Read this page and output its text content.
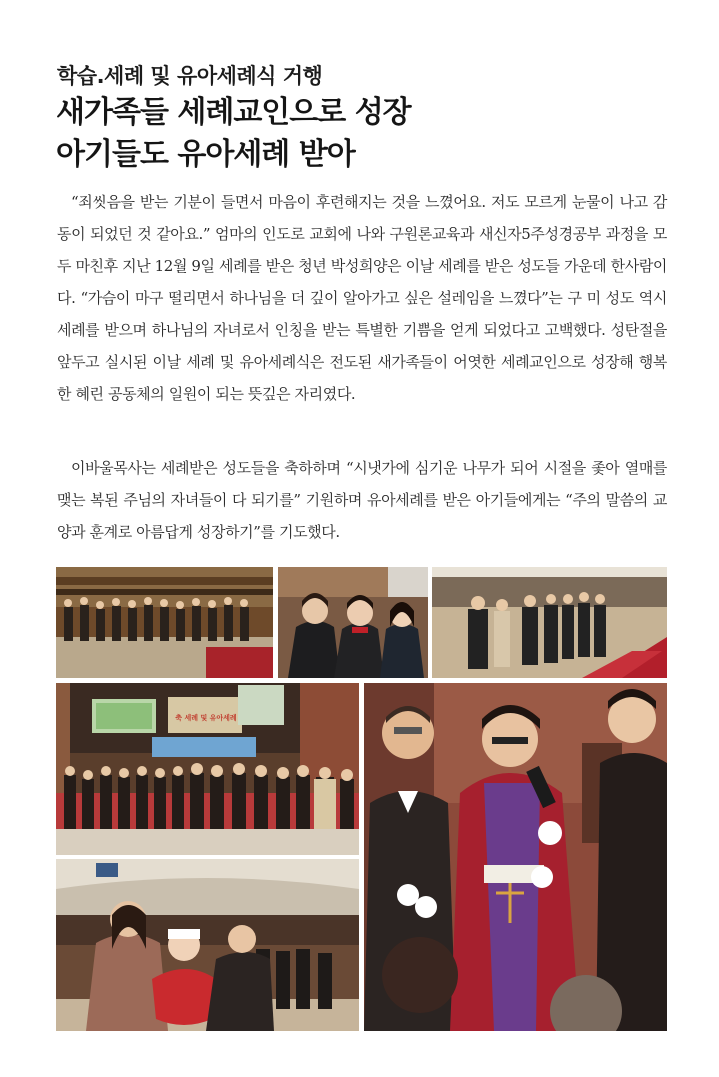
학습.세례 및 유아세례식 거행
새가족들 세례교인으로 성장
아기들도 유아세례 받아
“죄씻음을 받는 기분이 들면서 마음이 후련해지는 것을 느꼈어요. 저도 모르게 눈물이 나고 감동이 되었던 것 같아요.” 엄마의 인도로 교회에 나와 구원론교육과 새신자5주성경공부 과정을 모두 마친후 지난 12월 9일 세례를 받은 청년 박성희양은 이날 세례를 받은 성도들 가운데 한사람이다. “가슴이 마구 떨리면서 하나님을 더 깊이 알아가고 싶은 설레임을 느꼈다”는 구 미 성도 역시 세례를 받으며 하나님의 자녀로서 인칭을 받는 특별한 기쁨을 얻게 되었다고 고백했다. 성탄절을 앞두고 실시된 이날 세례 및 유아세례식은 전도된 새가족들이 어엿한 세례교인으로 성장해 행복한 혜린 공동체의 일원이 되는 뜻깊은 자리였다.
이바울목사는 세례받은 성도들을 축하하며 “시냇가에 심기운 나무가 되어 시절을 좇아 열매를 맺는 복된 주님의 자녀들이 다 되기를” 기원하며 유아세례를 받은 아기들에게는 “주의 말씀의 교양과 훈계로 아름답게 성장하기”를 기도했다.
축 세례 및 유아세례
